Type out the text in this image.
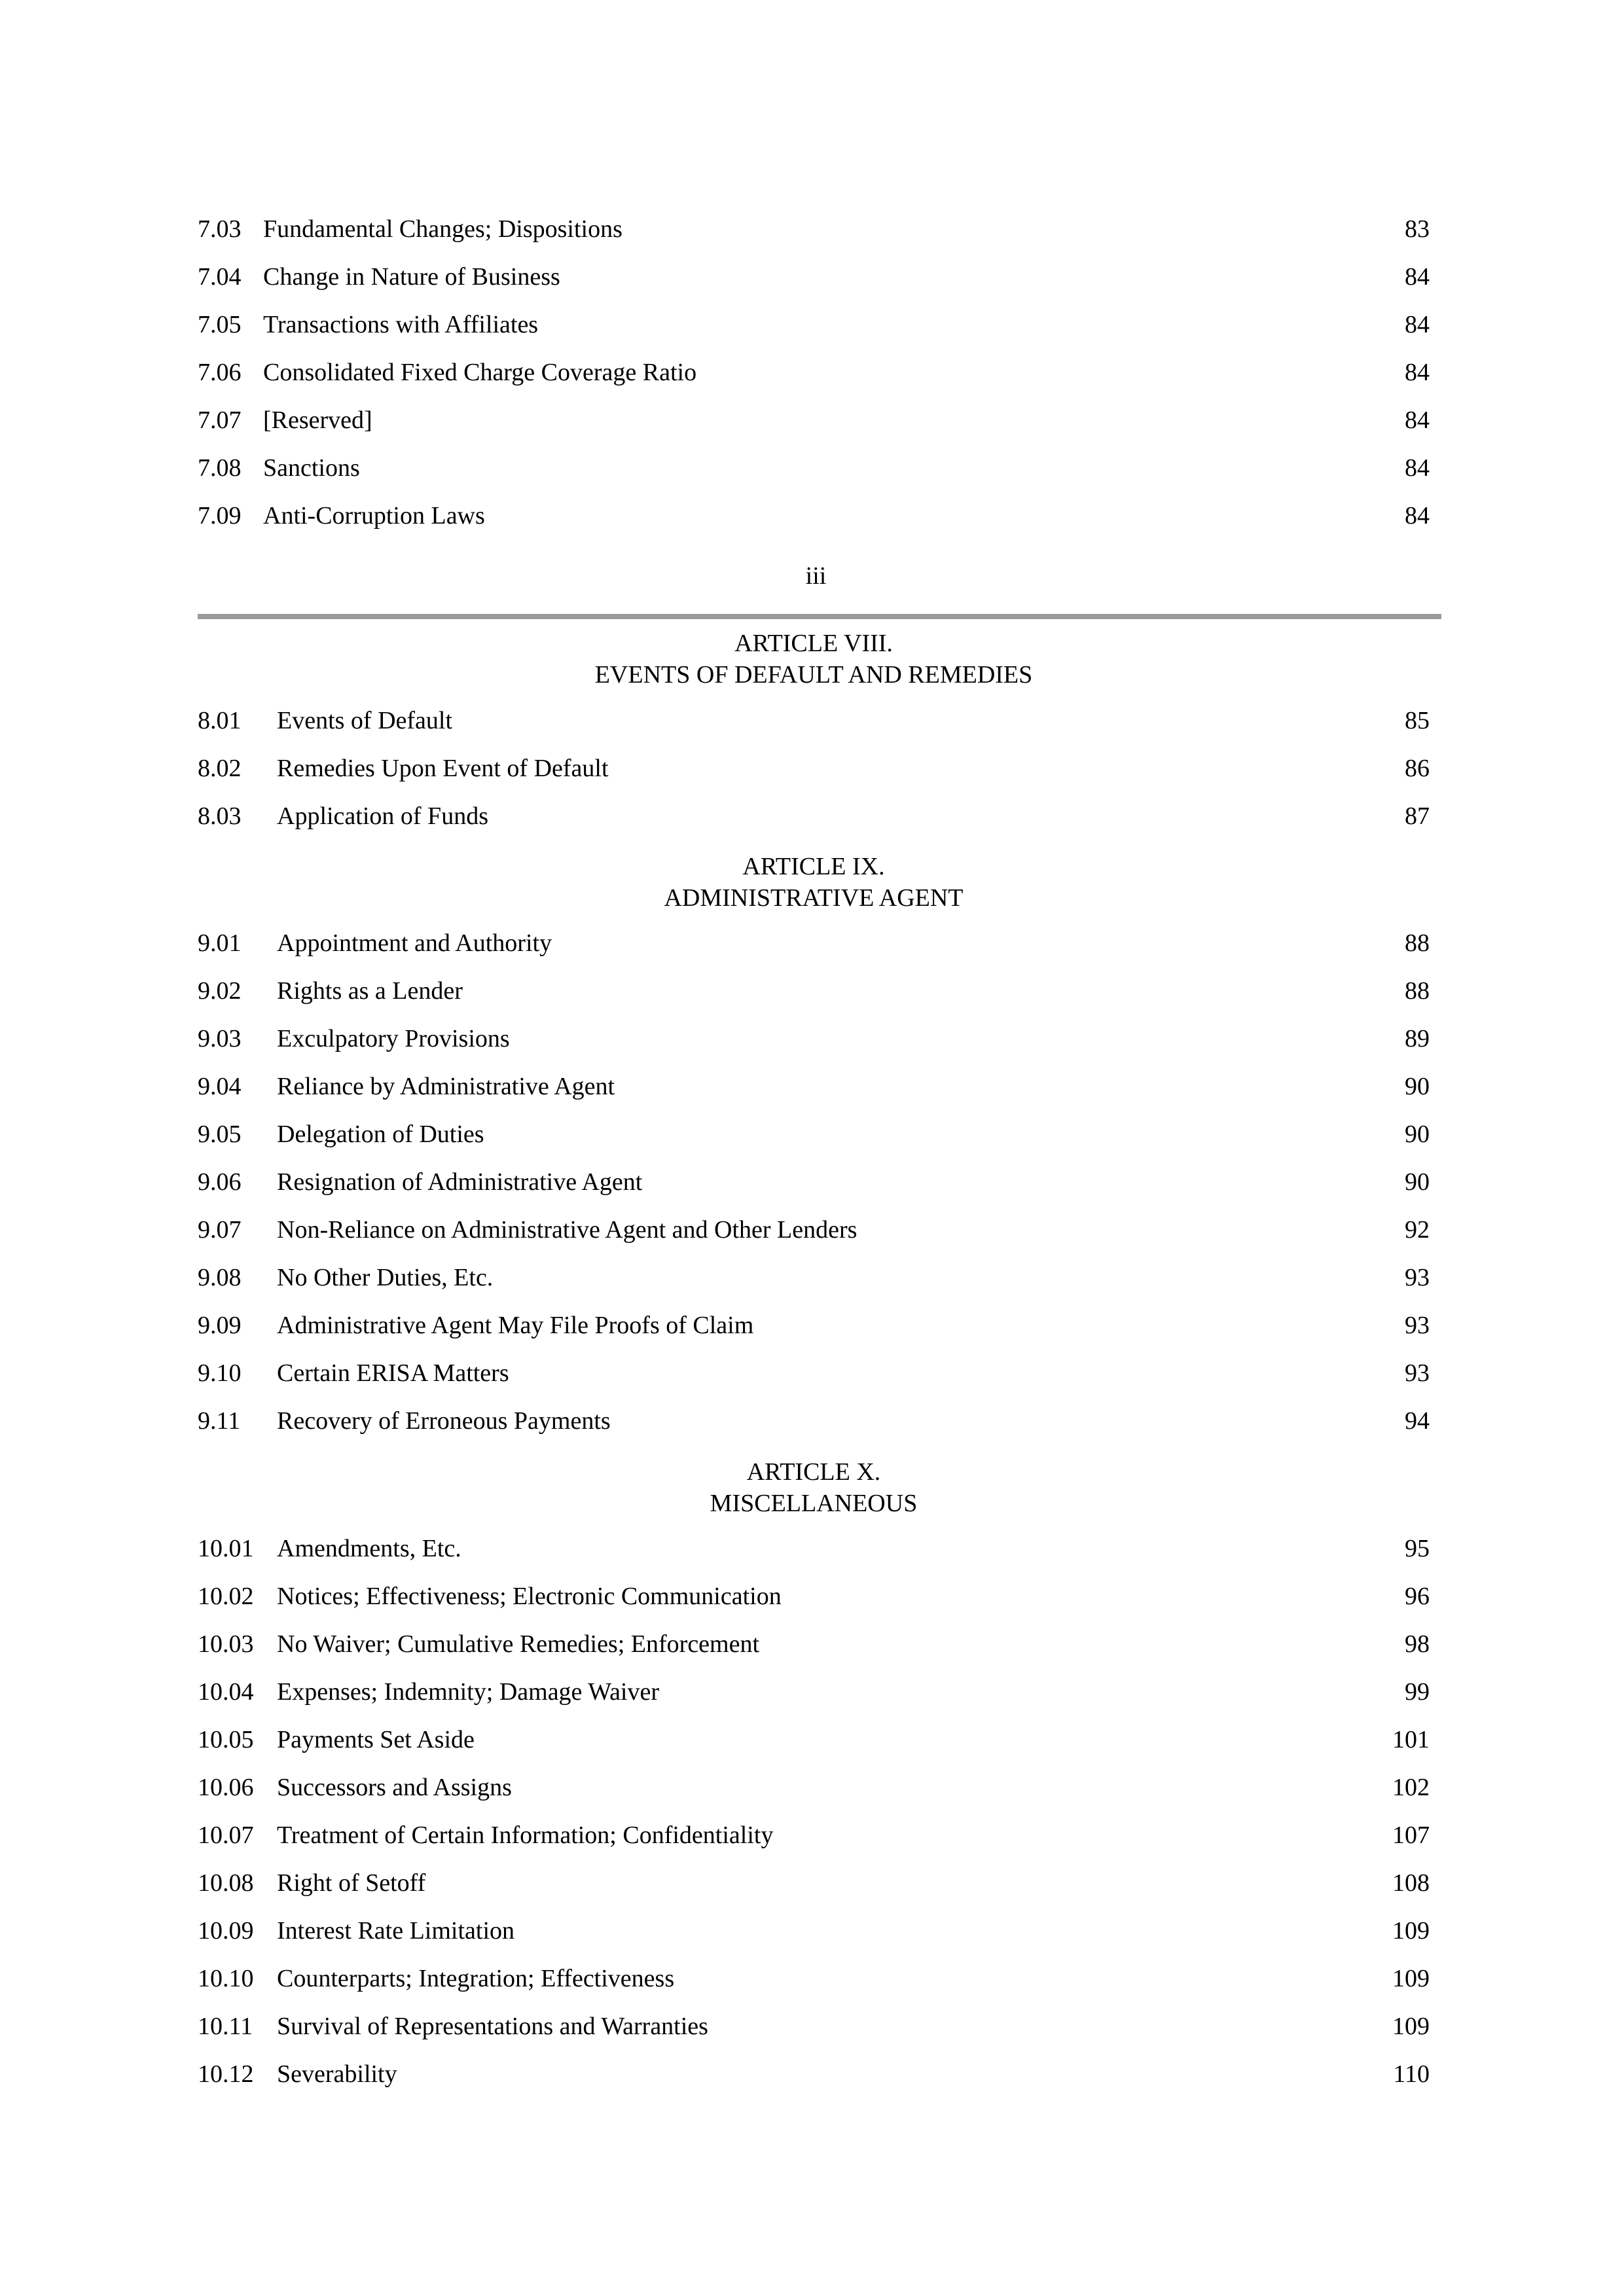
7.03 Fundamental Changes; Dispositions	83
7.04 Change in Nature of Business	84
7.05 Transactions with Affiliates	84
7.06 Consolidated Fixed Charge Coverage Ratio	84
7.07 [Reserved]	84
7.08 Sanctions	84
7.09 Anti-Corruption Laws	84
iii
ARTICLE VIII.
EVENTS OF DEFAULT AND REMEDIES
8.01 Events of Default	85
8.02 Remedies Upon Event of Default	86
8.03 Application of Funds	87
ARTICLE IX.
ADMINISTRATIVE AGENT
9.01 Appointment and Authority	88
9.02 Rights as a Lender	88
9.03 Exculpatory Provisions	89
9.04 Reliance by Administrative Agent	90
9.05 Delegation of Duties	90
9.06 Resignation of Administrative Agent	90
9.07 Non-Reliance on Administrative Agent and Other Lenders	92
9.08 No Other Duties, Etc.	93
9.09 Administrative Agent May File Proofs of Claim	93
9.10 Certain ERISA Matters	93
9.11 Recovery of Erroneous Payments	94
ARTICLE X.
MISCELLANEOUS
10.01 Amendments, Etc.	95
10.02 Notices; Effectiveness; Electronic Communication	96
10.03 No Waiver; Cumulative Remedies; Enforcement	98
10.04 Expenses; Indemnity; Damage Waiver	99
10.05 Payments Set Aside	101
10.06 Successors and Assigns	102
10.07 Treatment of Certain Information; Confidentiality	107
10.08 Right of Setoff	108
10.09 Interest Rate Limitation	109
10.10 Counterparts; Integration; Effectiveness	109
10.11 Survival of Representations and Warranties	109
10.12 Severability	110
